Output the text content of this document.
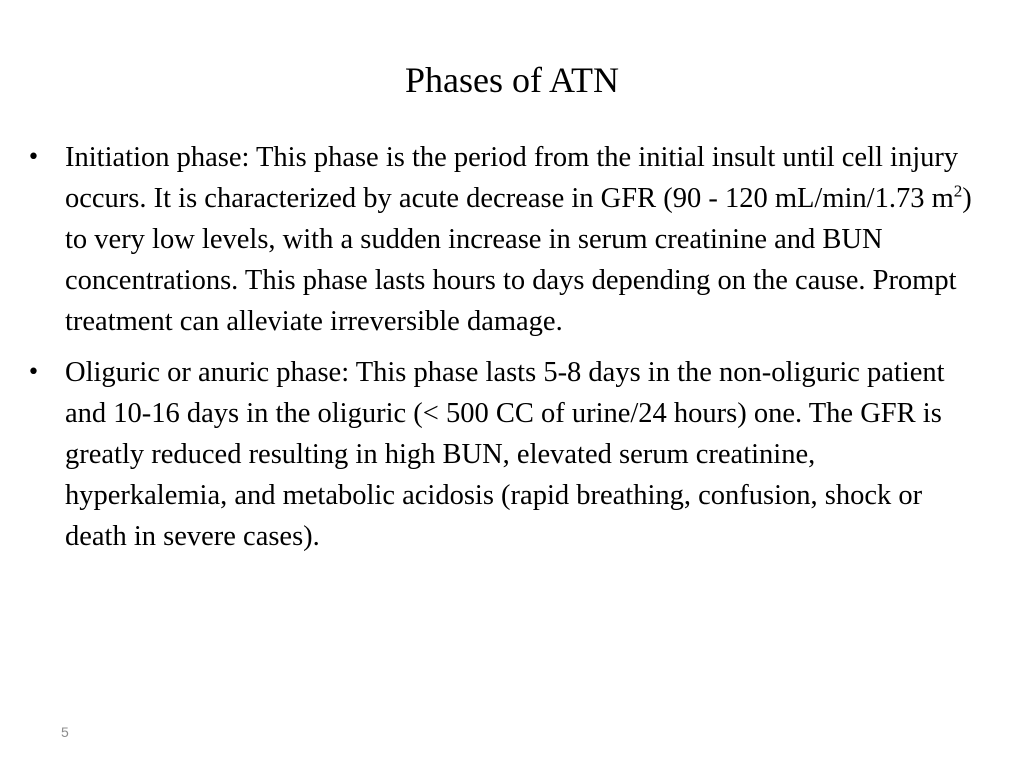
Phases of ATN
• Initiation phase: This phase is the period from the initial insult until cell injury occurs. It is characterized by acute decrease in GFR (90 - 120 mL/min/1.73 $m^2$) to very low levels, with a sudden increase in serum creatinine and BUN concentrations. This phase lasts hours to days depending on the cause. Prompt treatment can alleviate irreversible damage.
• Oliguric or anuric phase: This phase lasts 5-8 days in the non-oliguric patient and 10-16 days in the oliguric (< 500 CC of urine/24 hours) one. The GFR is greatly reduced resulting in high BUN, elevated serum creatinine, hyperkalemia, and metabolic acidosis (rapid breathing, confusion, shock or death in severe cases).
5
